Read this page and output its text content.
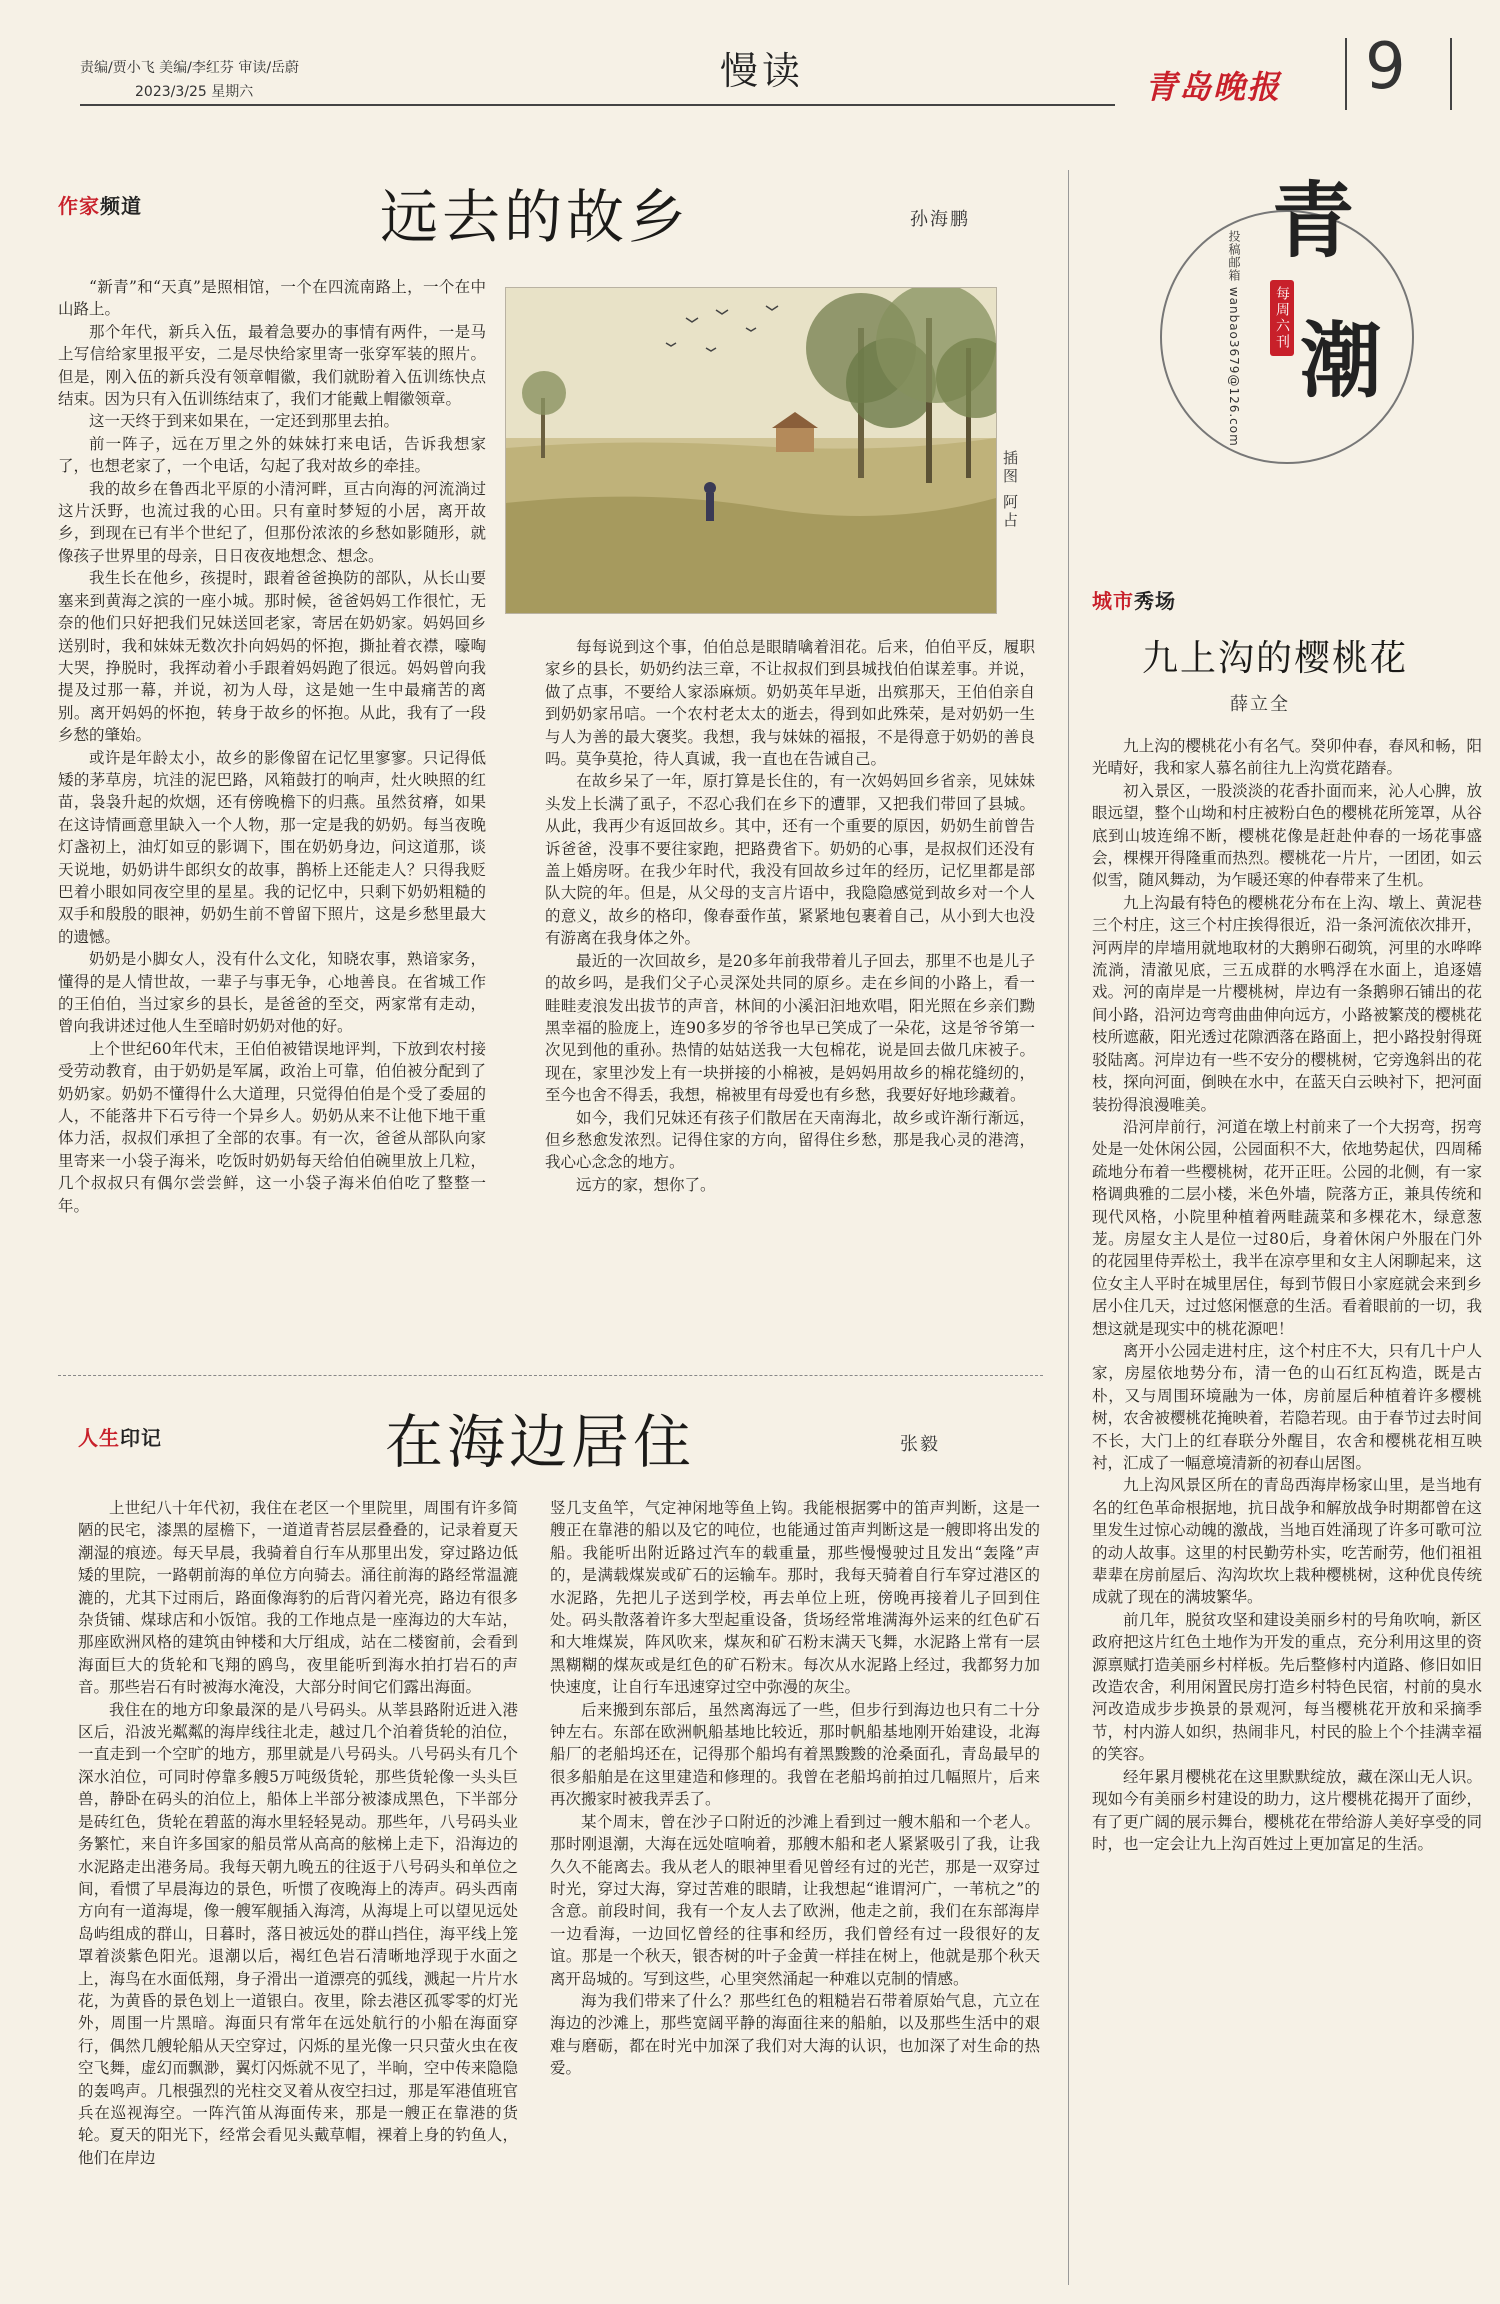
责编/贾小飞 美编/李红芬 审读/岳蔚
2023/3/25 星期六	慢读	青岛晚报 9
青
潮
每周六刊
投稿邮箱 wanbao3679@126.com
作家频道	远去的故乡	孙海鹏

“新青”和“天真”是照相馆，一个在四流南路上，一个在中山路上。

那个年代，新兵入伍，最着急要办的事情有两件，一是马上写信给家里报平安，二是尽快给家里寄一张穿军装的照片。但是，刚入伍的新兵没有领章帽徽，我们就盼着入伍训练快点结束。因为只有入伍训练结束了，我们才能戴上帽徽领章。

这一天终于到来如果在，一定还到那里去拍。

前一阵子，远在万里之外的妹妹打来电话，告诉我想家了，也想老家了，一个电话，勾起了我对故乡的牵挂。

我的故乡在鲁西北平原的小清河畔，亘古向海的河流淌过这片沃野，也流过我的心田。只有童时梦短的小居，离开故乡，到现在已有半个世纪了，但那份浓浓的乡愁如影随形，就像孩子世界里的母亲，日日夜夜地想念、想念。

我生长在他乡，孩提时，跟着爸爸换防的部队，从长山要塞来到黄海之滨的一座小城。那时候，爸爸妈妈工作很忙，无奈的他们只好把我们兄妹送回老家，寄居在奶奶家。妈妈回乡送别时，我和妹妹无数次扑向妈妈的怀抱，撕扯着衣襟，嚎啕大哭，挣脱时，我挥动着小手跟着妈妈跑了很远。妈妈曾向我提及过那一幕，并说，初为人母，这是她一生中最痛苦的离别。离开妈妈的怀抱，转身于故乡的怀抱。从此，我有了一段乡愁的肇始。

或许是年龄太小，故乡的影像留在记忆里寥寥。只记得低矮的茅草房，坑洼的泥巴路，风箱鼓打的响声，灶火映照的红苗，袅袅升起的炊烟，还有傍晚檐下的归燕。虽然贫瘠，如果在这诗情画意里缺入一个人物，那一定是我的奶奶。每当夜晚灯盏初上，油灯如豆的影调下，围在奶奶身边，问这道那，谈天说地，奶奶讲牛郎织女的故事，鹊桥上还能走人？只得我贬巴着小眼如同夜空里的星星。我的记忆中，只剩下奶奶粗糙的双手和殷殷的眼神，奶奶生前不曾留下照片，这是乡愁里最大的遗憾。

奶奶是小脚女人，没有什么文化，知晓农事，熟谙家务，懂得的是人情世故，一辈子与事无争，心地善良。在省城工作的王伯伯，当过家乡的县长，是爸爸的至交，两家常有走动，曾向我讲述过他人生至暗时奶奶对他的好。

上个世纪60年代末，王伯伯被错误地评判，下放到农村接受劳动教育，由于奶奶是军属，政治上可靠，伯伯被分配到了奶奶家。奶奶不懂得什么大道理，只觉得伯伯是个受了委屈的人，不能落井下石亏待一个异乡人。奶奶从来不让他下地干重体力活，叔叔们承担了全部的农事。有一次，爸爸从部队向家里寄来一小袋子海米，吃饭时奶奶每天给伯伯碗里放上几粒，几个叔叔只有偶尔尝尝鲜，这一小袋子海米伯伯吃了整整一年。

插图 阿占

每每说到这个事，伯伯总是眼睛噙着泪花。后来，伯伯平反，履职家乡的县长，奶奶约法三章，不让叔叔们到县城找伯伯谋差事。并说，做了点事，不要给人家添麻烦。奶奶英年早逝，出殡那天，王伯伯亲自到奶奶家吊唁。一个农村老太太的逝去，得到如此殊荣，是对奶奶一生与人为善的最大褒奖。我想，我与妹妹的福报，不是得意于奶奶的善良吗。莫争莫抢，待人真诚，我一直也在告诫自己。

在故乡呆了一年，原打算是长住的，有一次妈妈回乡省亲，见妹妹头发上长满了虱子，不忍心我们在乡下的遭罪，又把我们带回了县城。从此，我再少有返回故乡。其中，还有一个重要的原因，奶奶生前曾告诉爸爸，没事不要往家跑，把路费省下。奶奶的心事，是叔叔们还没有盖上婚房呀。在我少年时代，我没有回故乡过年的经历，记忆里都是部队大院的年。但是，从父母的支言片语中，我隐隐感觉到故乡对一个人的意义，故乡的格印，像春蚕作茧，紧紧地包裹着自己，从小到大也没有游离在我身体之外。

最近的一次回故乡，是20多年前我带着儿子回去，那里不也是儿子的故乡吗，是我们父子心灵深处共同的原乡。走在乡间的小路上，看一畦畦麦浪发出拔节的声音，林间的小溪汩汩地欢唱，阳光照在乡亲们黝黑幸福的脸庞上，连90多岁的爷爷也早已笑成了一朵花，这是爷爷第一次见到他的重孙。热情的姑姑送我一大包棉花，说是回去做几床被子。现在，家里沙发上有一块拼接的小棉被，是妈妈用故乡的棉花缝纫的，至今也舍不得丢，我想，棉被里有母爱也有乡愁，我要好好地珍藏着。

如今，我们兄妹还有孩子们散居在天南海北，故乡或许渐行渐远，但乡愁愈发浓烈。记得住家的方向，留得住乡愁，那是我心灵的港湾，我心心念念的地方。

远方的家，想你了。

城市秀场
九上沟的樱桃花
薛立全

九上沟的樱桃花小有名气。癸卯仲春，春风和畅，阳光晴好，我和家人慕名前往九上沟赏花踏春。

初入景区，一股淡淡的花香扑面而来，沁人心脾，放眼远望，整个山坳和村庄被粉白色的樱桃花所笼罩，从谷底到山坡连绵不断，樱桃花像是赶赴仲春的一场花事盛会，棵棵开得隆重而热烈。樱桃花一片片，一团团，如云似雪，随风舞动，为乍暖还寒的仲春带来了生机。

九上沟最有特色的樱桃花分布在上沟、墩上、黄泥巷三个村庄，这三个村庄挨得很近，沿一条河流依次排开，河两岸的岸墙用就地取材的大鹅卵石砌筑，河里的水哗哗流淌，清澈见底，三五成群的水鸭浮在水面上，追逐嬉戏。河的南岸是一片樱桃树，岸边有一条鹅卵石铺出的花间小路，沿河边弯弯曲曲伸向远方，小路被繁茂的樱桃花枝所遮蔽，阳光透过花隙洒落在路面上，把小路投射得斑驳陆离。河岸边有一些不安分的樱桃树，它旁逸斜出的花枝，探向河面，倒映在水中，在蓝天白云映衬下，把河面装扮得浪漫唯美。

沿河岸前行，河道在墩上村前来了一个大拐弯，拐弯处是一处休闲公园，公园面积不大，依地势起伏，四周稀疏地分布着一些樱桃树，花开正旺。公园的北侧，有一家格调典雅的二层小楼，米色外墙，院落方正，兼具传统和现代风格，小院里种植着两畦蔬菜和多棵花木，绿意葱茏。房屋女主人是位一过80后，身着休闲户外服在门外的花园里侍弄松土，我半在凉亭里和女主人闲聊起来，这位女主人平时在城里居住，每到节假日小家庭就会来到乡居小住几天，过过悠闲惬意的生活。看着眼前的一切，我想这就是现实中的桃花源吧！

离开小公园走进村庄，这个村庄不大，只有几十户人家，房屋依地势分布，清一色的山石红瓦构造，既是古朴，又与周围环境融为一体，房前屋后种植着许多樱桃树，农舍被樱桃花掩映着，若隐若现。由于春节过去时间不长，大门上的红春联分外醒目，农舍和樱桃花相互映衬，汇成了一幅意境清新的初春山居图。

九上沟风景区所在的青岛西海岸杨家山里，是当地有名的红色革命根据地，抗日战争和解放战争时期都曾在这里发生过惊心动魄的激战，当地百姓涌现了许多可歌可泣的动人故事。这里的村民勤劳朴实，吃苦耐劳，他们祖祖辈辈在房前屋后、沟沟坎坎上栽种樱桃树，这种优良传统成就了现在的满坡繁华。

前几年，脱贫攻坚和建设美丽乡村的号角吹响，新区政府把这片红色土地作为开发的重点，充分利用这里的资源禀赋打造美丽乡村样板。先后整修村内道路、修旧如旧改造农舍，利用闲置民房打造乡村特色民宿，村前的臭水河改造成步步换景的景观河，每当樱桃花开放和采摘季节，村内游人如织，热闹非凡，村民的脸上个个挂满幸福的笑容。

经年累月樱桃花在这里默默绽放，藏在深山无人识。现如今有美丽乡村建设的助力，这片樱桃花揭开了面纱，有了更广阔的展示舞台，樱桃花在带给游人美好享受的同时，也一定会让九上沟百姓过上更加富足的生活。

人生印记	在海边居住	张毅

上世纪八十年代初，我住在老区一个里院里，周围有许多简陋的民宅，漆黑的屋檐下，一道道青苔层层叠叠的，记录着夏天潮湿的痕迹。每天早晨，我骑着自行车从那里出发，穿过路边低矮的里院，一路朝前海的单位方向骑去。涌往前海的路经常温漉漉的，尤其下过雨后，路面像海豹的后背闪着光亮，路边有很多杂货铺、煤球店和小饭馆。我的工作地点是一座海边的大车站，那座欧洲风格的建筑由钟楼和大厅组成，站在二楼窗前，会看到海面巨大的货轮和飞翔的鸥鸟，夜里能听到海水拍打岩石的声音。那些岩石有时被海水淹没，大部分时间它们露出海面。

我住在的地方印象最深的是八号码头。从莘县路附近进入港区后，沿波光粼粼的海岸线往北走，越过几个泊着货轮的泊位，一直走到一个空旷的地方，那里就是八号码头。八号码头有几个深水泊位，可同时停靠多艘5万吨级货轮，那些货轮像一头头巨兽，静卧在码头的泊位上，船体上半部分被漆成黑色，下半部分是砖红色，货轮在碧蓝的海水里轻轻晃动。那些年，八号码头业务繁忙，来自许多国家的船员常从高高的舷梯上走下，沿海边的水泥路走出港务局。我每天朝九晚五的往返于八号码头和单位之间，看惯了早晨海边的景色，听惯了夜晚海上的涛声。码头西南方向有一道海堤，像一艘军舰插入海湾，从海堤上可以望见远处岛屿组成的群山，日暮时，落日被远处的群山挡住，海平线上笼罩着淡紫色阳光。退潮以后，褐红色岩石清晰地浮现于水面之上，海鸟在水面低翔，身子滑出一道漂亮的弧线，溅起一片片水花，为黄昏的景色划上一道银白。夜里，除去港区孤零零的灯光外，周围一片黑暗。海面只有常年在远处航行的小船在海面穿行，偶然几艘轮船从天空穿过，闪烁的星光像一只只萤火虫在夜空飞舞，虚幻而飘渺，翼灯闪烁就不见了，半晌，空中传来隐隐的轰鸣声。几根强烈的光柱交叉着从夜空扫过，那是军港值班官兵在巡视海空。一阵汽笛从海面传来，那是一艘正在靠港的货轮。夏天的阳光下，经常会看见头戴草帽，裸着上身的钓鱼人，他们在岸边

竖几支鱼竿，气定神闲地等鱼上钩。我能根据雾中的笛声判断，这是一艘正在靠港的船以及它的吨位，也能通过笛声判断这是一艘即将出发的船。我能听出附近路过汽车的载重量，那些慢慢驶过且发出“轰隆”声的，是满载煤炭或矿石的运输车。那时，我每天骑着自行车穿过港区的水泥路，先把儿子送到学校，再去单位上班，傍晚再接着儿子回到住处。码头散落着许多大型起重设备，货场经常堆满海外运来的红色矿石和大堆煤炭，阵风吹来，煤灰和矿石粉末满天飞舞，水泥路上常有一层黑糊糊的煤灰或是红色的矿石粉末。每次从水泥路上经过，我都努力加快速度，让自行车迅速穿过空中弥漫的灰尘。

后来搬到东部后，虽然离海远了一些，但步行到海边也只有二十分钟左右。东部在欧洲帆船基地比较近，那时帆船基地刚开始建设，北海船厂的老船坞还在，记得那个船坞有着黑黢黢的沧桑面孔，青岛最早的很多船舶是在这里建造和修理的。我曾在老船坞前拍过几幅照片，后来再次搬家时被我弄丢了。

某个周末，曾在沙子口附近的沙滩上看到过一艘木船和一个老人。那时刚退潮，大海在远处喧响着，那艘木船和老人紧紧吸引了我，让我久久不能离去。我从老人的眼神里看见曾经有过的光芒，那是一双穿过时光，穿过大海，穿过苦难的眼睛，让我想起“谁谓河广，一苇杭之”的含意。前段时间，我有一个友人去了欧洲，他走之前，我们在东部海岸一边看海，一边回忆曾经的往事和经历，我们曾经有过一段很好的友谊。那是一个秋天，银杏树的叶子金黄一样挂在树上，他就是那个秋天离开岛城的。写到这些，心里突然涌起一种难以克制的情感。

海为我们带来了什么？那些红色的粗糙岩石带着原始气息，亢立在海边的沙滩上，那些宽阔平静的海面往来的船舶，以及那些生活中的艰难与磨砺，都在时光中加深了我们对大海的认识，也加深了对生命的热爱。
